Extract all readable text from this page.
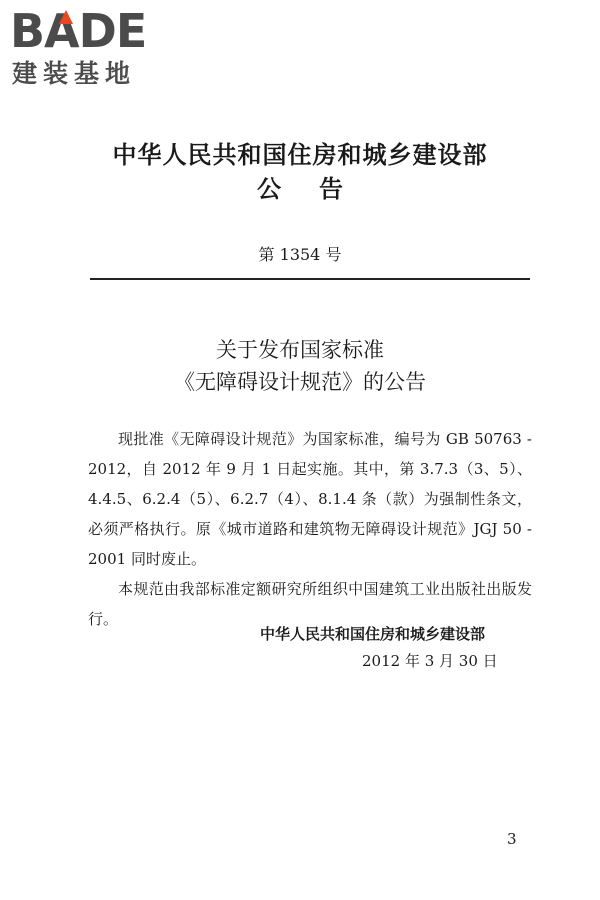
BADE
建装基地
中华人民共和国住房和城乡建设部
公告
第 1354 号
关于发布国家标准
《无障碍设计规范》的公告

现批准《无障碍设计规范》为国家标准，编号为 GB 50763 - 2012，自 2012 年 9 月 1 日起实施。其中，第 3.7.3（3、5）、4.4.5、6.2.4（5）、6.2.7（4）、8.1.4 条（款）为强制性条文，必须严格执行。原《城市道路和建筑物无障碍设计规范》JGJ 50 - 2001 同时废止。

本规范由我部标准定额研究所组织中国建筑工业出版社出版发行。

中华人民共和国住房和城乡建设部
2012 年 3 月 30 日
3
